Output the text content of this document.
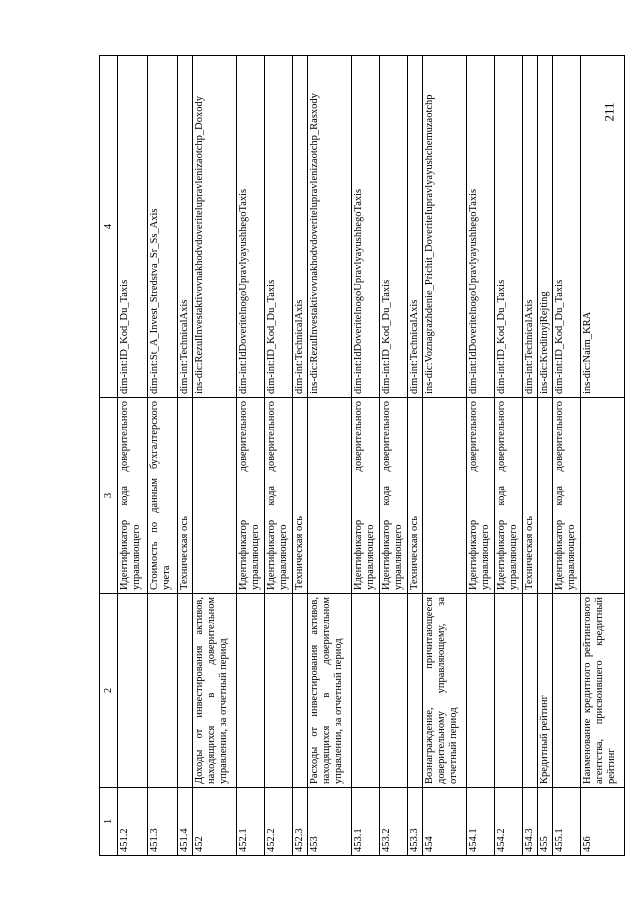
211
1	2	3	4
451.2		Идентификатор кода доверительного управляющего	dim-int:ID_Kod_Du_Taxis
451.3		Стоимость по данным бухгалтерского учета	dim-int:St_A_Invest_Stredstva_Sr_Ss_Axis
451.4		Техническая ось	dim-int:TechnicalAxis
452	Доходы от инвестирования активов, находящихся в доверительном управлении, за отчетный период		ins-dic:RezulInvestaktivovnakhodvdoveritelupravlenizaotchp_Doxody
452.1		Идентификатор доверительного управляющего	dim-int:IdDoveritelnogoUpravlyayushhegoTaxis
452.2		Идентификатор кода доверительного управляющего	dim-int:ID_Kod_Du_Taxis
452.3		Техническая ось	dim-int:TechnicalAxis
453	Расходы от инвестирования активов, находящихся в доверительном управлении, за отчетный период		ins-dic:RezulInvestaktivovnakhodvdoveritelupravlenizaotchp_Rasxody
453.1		Идентификатор доверительного управляющего	dim-int:IdDoveritelnogoUpravlyayushhegoTaxis
453.2		Идентификатор кода доверительного управляющего	dim-int:ID_Kod_Du_Taxis
453.3		Техническая ось	dim-int:TechnicalAxis
454	Вознаграждение, причитающееся доверительному управляющему, за отчетный период		ins-dic:Voznagrazhdenie_Prichit_DoveriteIupravlyayushchemuzaotchp
454.1		Идентификатор доверительного управляющего	dim-int:IdDoveritelnogoUpravlyayushhegoTaxis
454.2		Идентификатор кода доверительного управляющего	dim-int:ID_Kod_Du_Taxis
454.3		Техническая ось	dim-int:TechnicalAxis
455	Кредитный рейтинг		ins-dic:KreditnyjRejting
455.1		Идентификатор кода доверительного управляющего	dim-int:ID_Kod_Du_Taxis
456	Наименование кредитного рейтингового агентства, присвоившего кредитный рейтинг		ins-dic:Naim_KRA
